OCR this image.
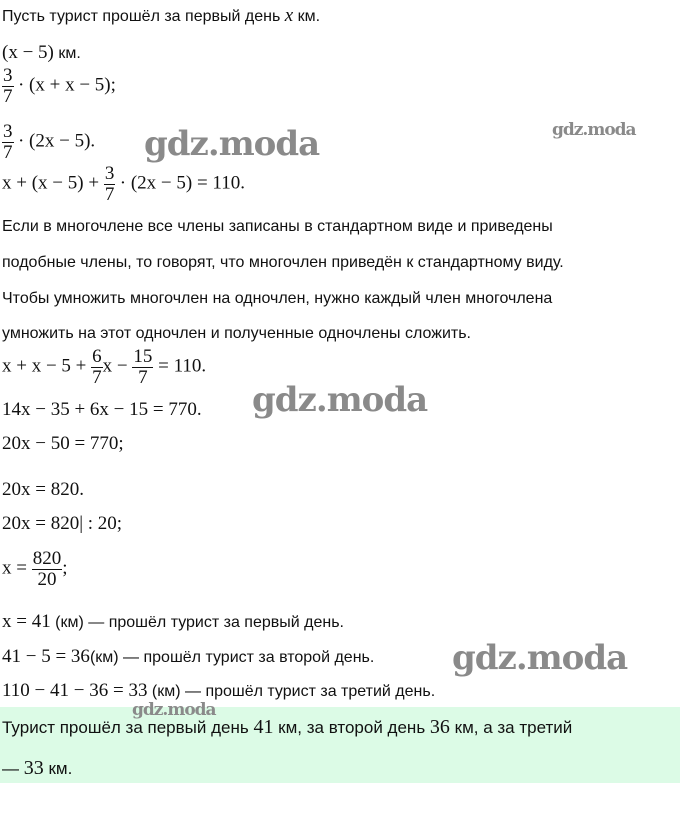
Пусть турист прошёл за первый день x км.
(x − 5) км.
$\frac{3}{7} \cdot (x + x - 5)$;
$\frac{3}{7} \cdot (2x - 5)$.
$x + (x - 5) + \frac{3}{7} \cdot (2x - 5) = 110$.
Если в многочлене все члены записаны в стандартном виде и приведены
подобные члены, то говорят, что многочлен приведён к стандартному виду.
Чтобы умножить многочлен на одночлен, нужно каждый член многочлена
умножить на этот одночлен и полученные одночлены сложить.
$x + x - 5 + \frac{6}{7}$ $x - \frac{15}{7} = 110$.
14x − 35 + 6x − 15 = 770.
20x − 50 = 770;
20x = 820.
20x = 820| : 20;
$x = \frac{820}{20}$ ;
x = 41 (км) — прошёл турист за первый день.
41 − 5 = 36(км) — прошёл турист за второй день.
110 − 41 − 36 = 33 (км) — прошёл турист за третий день.
Турист прошёл за первый день 41 км, за второй день 36 км, а за третий
— 33 км.
gdz.moda	gdz.moda
gdz.moda
gdz.moda
gdz.moda
